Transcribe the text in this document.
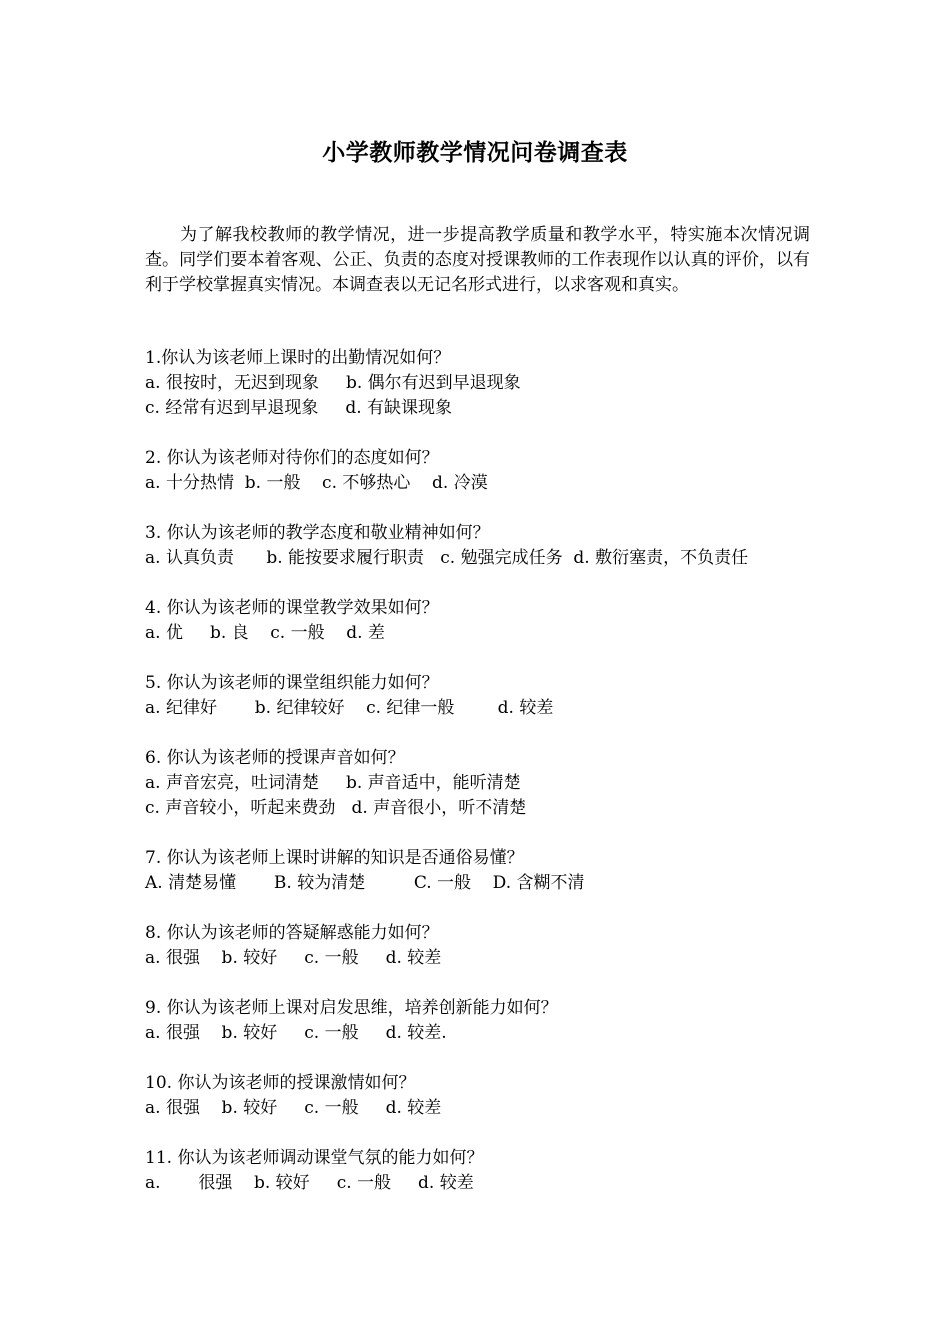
小学教师教学情况问卷调查表
为了解我校教师的教学情况，进一步提高教学质量和教学水平，特实施本次情况调查。同学们要本着客观、公正、负责的态度对授课教师的工作表现作以认真的评价，以有利于学校掌握真实情况。本调查表以无记名形式进行，以求客观和真实。
1.你认为该老师上课时的出勤情况如何？
a. 很按时，无迟到现象     b. 偶尔有迟到早退现象
c. 经常有迟到早退现象     d. 有缺课现象
2. 你认为该老师对待你们的态度如何？
a. 十分热情  b. 一般    c. 不够热心    d. 冷漠
3. 你认为该老师的教学态度和敬业精神如何？
a. 认真负责      b. 能按要求履行职责   c. 勉强完成任务  d. 敷衍塞责，不负责任
4. 你认为该老师的课堂教学效果如何？
a. 优     b. 良    c. 一般    d. 差
5. 你认为该老师的课堂组织能力如何？
a. 纪律好       b. 纪律较好    c. 纪律一般        d. 较差
6. 你认为该老师的授课声音如何？
a. 声音宏亮，吐词清楚     b. 声音适中，能听清楚
c. 声音较小，听起来费劲   d. 声音很小，听不清楚
7. 你认为该老师上课时讲解的知识是否通俗易懂？
A. 清楚易懂       B. 较为清楚         C. 一般    D. 含糊不清
8. 你认为该老师的答疑解惑能力如何？
a. 很强    b. 较好     c. 一般     d. 较差
9. 你认为该老师上课对启发思维，培养创新能力如何？
a. 很强    b. 较好     c. 一般     d. 较差.
10. 你认为该老师的授课激情如何？
a. 很强    b. 较好     c. 一般     d. 较差
11. 你认为该老师调动课堂气氛的能力如何？
a.       很强    b. 较好     c. 一般     d. 较差
